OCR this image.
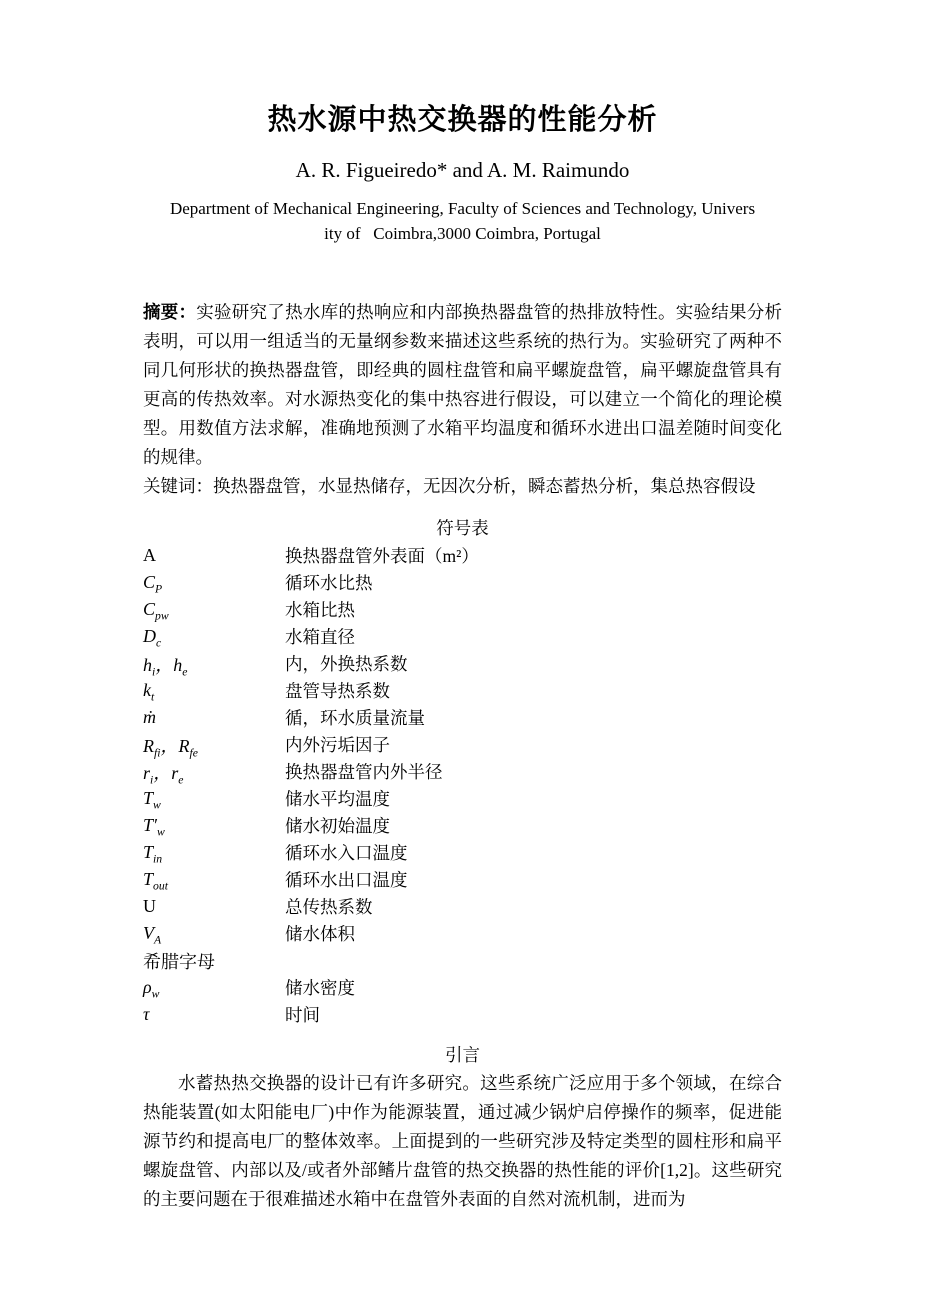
热水源中热交换器的性能分析
A. R. Figueiredo* and A. M. Raimundo
Department of Mechanical Engineering, Faculty of Sciences and Technology, Univers
ity of   Coimbra,3000 Coimbra, Portugal

摘要：实验研究了热水库的热响应和内部换热器盘管的热排放特性。实验结果分析表明，可以用一组适当的无量纲参数来描述这些系统的热行为。实验研究了两种不同几何形状的换热器盘管，即经典的圆柱盘管和扁平螺旋盘管，扁平螺旋盘管具有更高的传热效率。对水源热变化的集中热容进行假设，可以建立一个简化的理论模型。用数值方法求解，准确地预测了水箱平均温度和循环水进出口温差随时间变化的规律。

关键词：换热器盘管，水显热储存，无因次分析，瞬态蓄热分析，集总热容假设

符号表
A	换热器盘管外表面（m²）
$C_P$	循环水比热
$C_{pw}$	水箱比热
$D_c$	水箱直径
$h_i$，$h_e$	内，外换热系数
$k_t$	盘管导热系数
ṁ	循，环水质量流量
$R_{fi}$，$R_{fe}$	内外污垢因子
$r_i$，$r_e$	换热器盘管内外半径
$T_w$	储水平均温度
$T'_w$	储水初始温度
$T_{in}$	循环水入口温度
$T_{out}$	循环水出口温度
U	总传热系数
$V_A$	储水体积
希腊字母
$\rho_w$	储水密度
τ	时间
引言

水蓄热热交换器的设计已有许多研究。这些系统广泛应用于多个领域，在综合热能装置(如太阳能电厂)中作为能源装置，通过减少锅炉启停操作的频率，促进能源节约和提高电厂的整体效率。上面提到的一些研究涉及特定类型的圆柱形和扁平螺旋盘管、内部以及/或者外部鳍片盘管的热交换器的热性能的评价[1,2]。这些研究的主要问题在于很难描述水箱中在盘管外表面的自然对流机制，进而为
